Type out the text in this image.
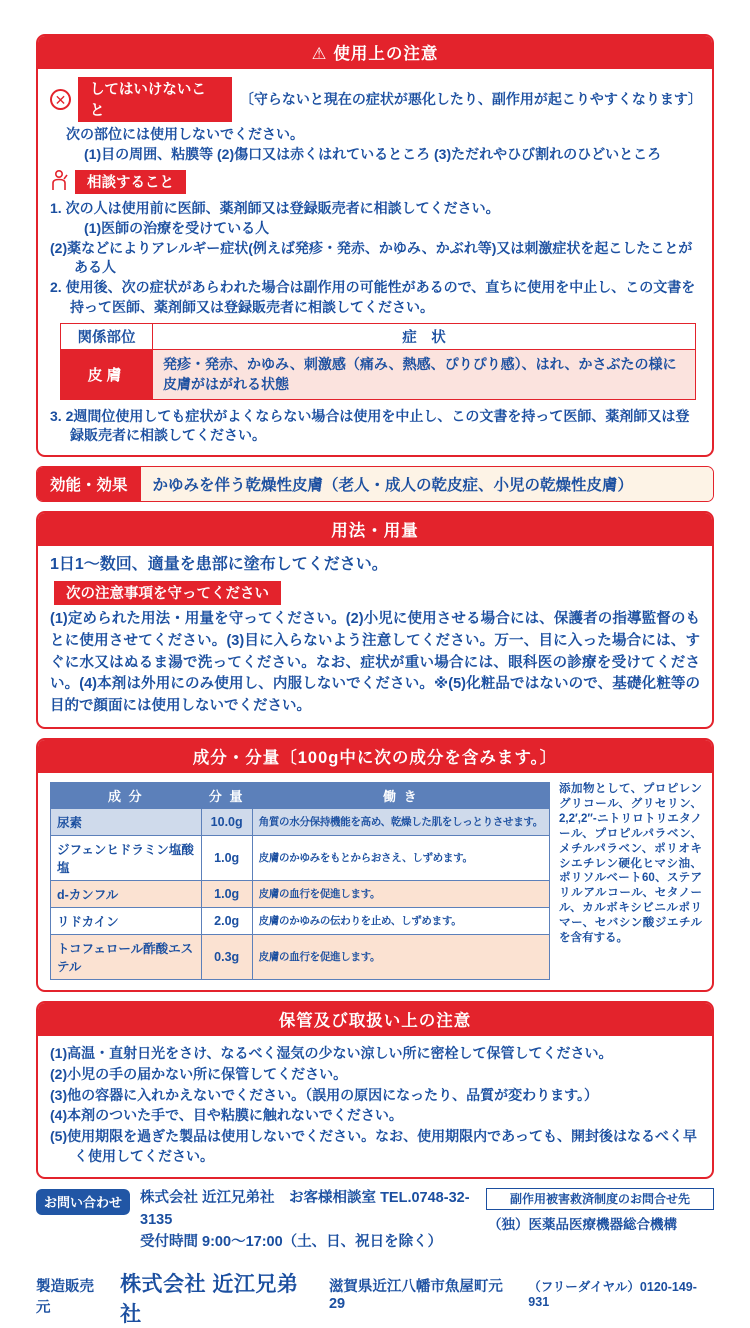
⚠ 使用上の注意
✕
してはいけないこと
〔守らないと現在の症状が悪化したり、副作用が起こりやすくなります〕
次の部位には使用しないでください。
(1)目の周囲、粘膜等 (2)傷口又は赤くはれているところ (3)ただれやひび割れのひどいところ
相談すること
1. 次の人は使用前に医師、薬剤師又は登録販売者に相談してください。
(1)医師の治療を受けている人
(2)薬などによりアレルギー症状(例えば発疹・発赤、かゆみ、かぶれ等)又は刺激症状を起こしたことがある人
2. 使用後、次の症状があらわれた場合は副作用の可能性があるので、直ちに使用を中止し、この文書を持って医師、薬剤師又は登録販売者に相談してください。
関係部位	症　状
皮膚	発疹・発赤、かゆみ、刺激感（痛み、熱感、ぴりぴり感）、はれ、かさぶたの様に皮膚がはがれる状態
3. 2週間位使用しても症状がよくならない場合は使用を中止し、この文書を持って医師、薬剤師又は登録販売者に相談してください。
効能・効果	かゆみを伴う乾燥性皮膚（老人・成人の乾皮症、小児の乾燥性皮膚）
用法・用量
1日1～数回、適量を患部に塗布してください。
次の注意事項を守ってください
(1)定められた用法・用量を守ってください。(2)小児に使用させる場合には、保護者の指導監督のもとに使用させてください。(3)目に入らないよう注意してください。万一、目に入った場合には、すぐに水又はぬるま湯で洗ってください。なお、症状が重い場合には、眼科医の診療を受けてください。(4)本剤は外用にのみ使用し、内服しないでください。※(5)化粧品ではないので、基礎化粧等の目的で顔面には使用しないでください。
成分・分量〔100g中に次の成分を含みます。〕
成 分	分 量	働 き
尿素	10.0g	角質の水分保持機能を高め、乾燥した肌をしっとりさせます。
ジフェンヒドラミン塩酸塩	1.0g	皮膚のかゆみをもとからおさえ、しずめます。
d-カンフル	1.0g	皮膚の血行を促進します。
リドカイン	2.0g	皮膚のかゆみの伝わりを止め、しずめます。
トコフェロール酢酸エステル	0.3g	皮膚の血行を促進します。
添加物として、プロピレングリコール、グリセリン、2,2′,2″-ニトリロトリエタノール、プロピルパラベン、メチルパラベン、ポリオキシエチレン硬化ヒマシ油、ポリソルベート60、ステアリルアルコール、セタノール、カルボキシビニルポリマー、セバシン酸ジエチルを含有する。
保管及び取扱い上の注意
(1)高温・直射日光をさけ、なるべく湿気の少ない涼しい所に密栓して保管してください。
(2)小児の手の届かない所に保管してください。
(3)他の容器に入れかえないでください。（誤用の原因になったり、品質が変わります。）
(4)本剤のついた手で、目や粘膜に触れないでください。
(5)使用期限を過ぎた製品は使用しないでください。なお、使用期限内であっても、開封後はなるべく早く使用してください。
お問い合わせ	株式会社 近江兄弟社　お客様相談室 TEL.0748-32-3135
受付時間 9:00～17:00（土、日、祝日を除く）
副作用被害救済制度のお問合せ先
（独）医薬品医療機器総合機構
製造販売元
株式会社 近江兄弟社
滋賀県近江八幡市魚屋町元29
（フリーダイヤル）0120-149-931
